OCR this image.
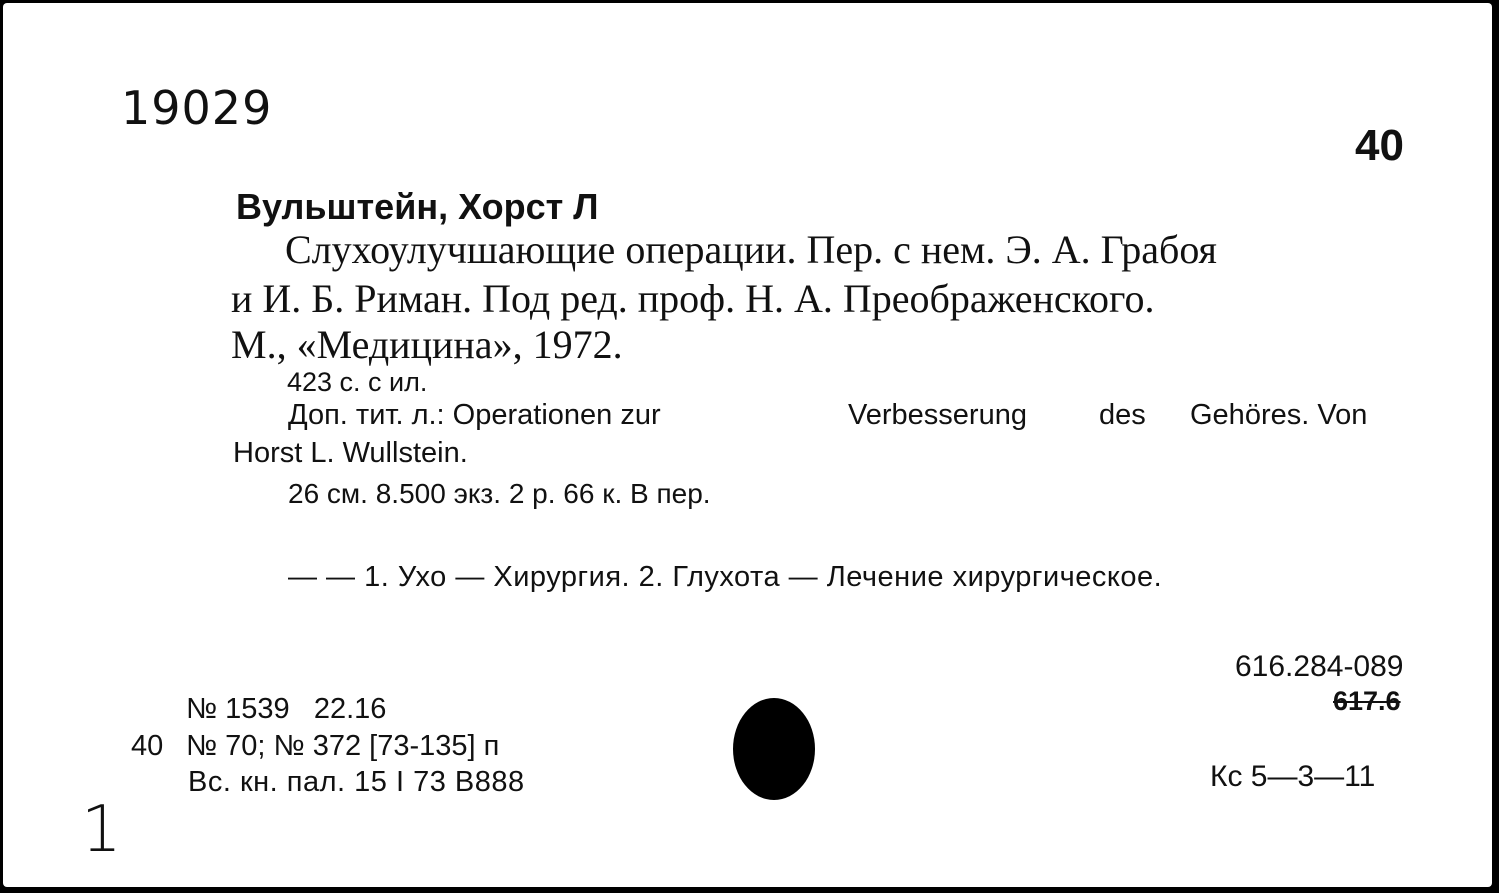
19029
40
Вульштейн, Хорст Л
Слухоулучшающие операции. Пер. с нем. Э. А. Грабоя
и И. Б. Риман. Под ред. проф. Н. А. Преображенского.
М., «Медицина», 1972.
423 с. с ил.
Доп. тит. л.: Operationen zur	Verbesserung des Gehöres. Von
Horst L. Wullstein.
26 см. 8.500 экз. 2 р. 66 к. В пер.
— — 1. Ухо — Хирургия. 2. Глухота — Лечение хирургическое.
616.284-089
617.6
№ 1539   22.16
40 № 70; № 372 [73-135] п
Вс. кн. пал. 15 I 73 В888	Кс 5—3—11
1
